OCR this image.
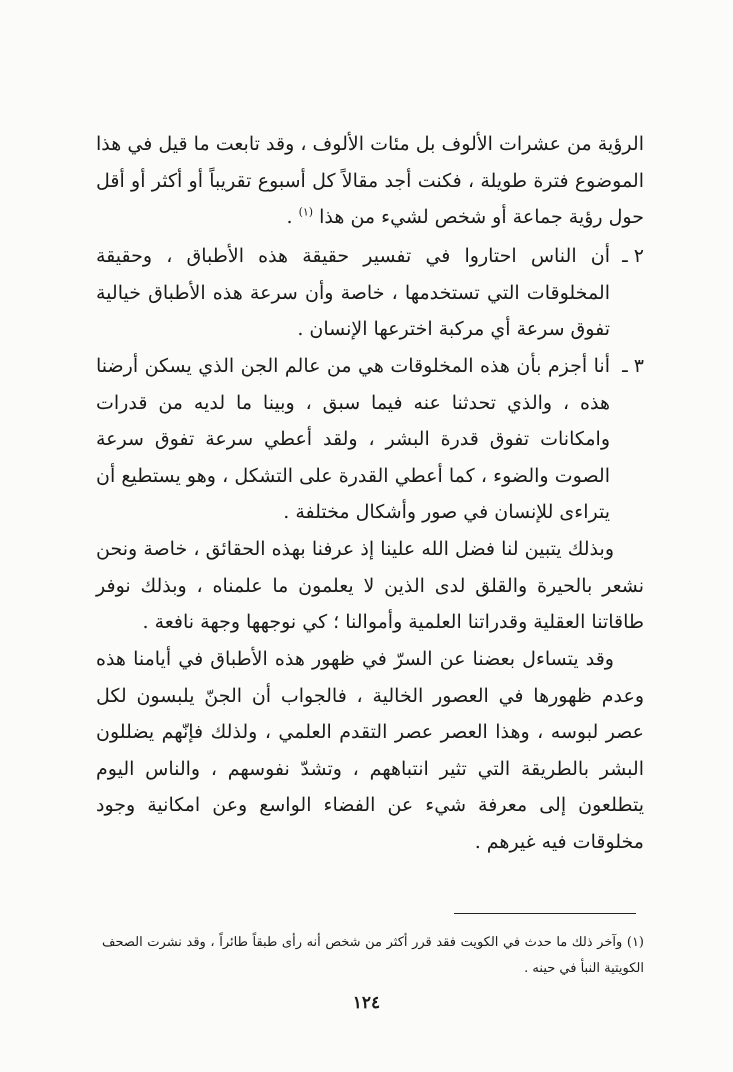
الرؤية من عشرات الألوف بل مئات الألوف ، وقد تابعت ما قيل في هذا الموضوع فترة طويلة ، فكنت أجد مقالاً كل أسبوع تقريباً أو أكثر أو أقل حول رؤية جماعة أو شخص لشيء من هذا $^{(١)}$ .
٢ ـ
أن الناس احتاروا في تفسير حقيقة هذه الأطباق ، وحقيقة المخلوقات التي تستخدمها ، خاصة وأن سرعة هذه الأطباق خيالية تفوق سرعة أي مركبة اخترعها الإنسان .
٣ ـ
أنا أجزم بأن هذه المخلوقات هي من عالم الجن الذي يسكن أرضنا هذه ، والذي تحدثنا عنه فيما سبق ، وبينا ما لديه من قدرات وامكانات تفوق قدرة البشر ، ولقد أعطي سرعة تفوق سرعة الصوت والضوء ، كما أعطي القدرة على التشكل ، وهو يستطيع أن يتراءى للإنسان في صور وأشكال مختلفة .
وبذلك يتبين لنا فضل الله علينا إذ عرفنا بهذه الحقائق ، خاصة ونحن نشعر بالحيرة والقلق لدى الذين لا يعلمون ما علمناه ، وبذلك نوفر طاقاتنا العقلية وقدراتنا العلمية وأموالنا ؛ كي نوجهها وجهة نافعة .
وقد يتساءل بعضنا عن السرّ في ظهور هذه الأطباق في أيامنا هذه وعدم ظهورها في العصور الخالية ، فالجواب أن الجنّ يلبسون لكل عصر لبوسه ، وهذا العصر عصر التقدم العلمي ، ولذلك فإنّهم يضللون البشر بالطريقة التي تثير انتباههم ، وتشدّ نفوسهم ، والناس اليوم يتطلعون إلى معرفة شيء عن الفضاء الواسع وعن امكانية وجود مخلوقات فيه غيرهم .
(١) وآخر ذلك ما حدث في الكويت فقد قرر أكثر من شخص أنه رأى طبقاً طائراً ، وقد نشرت الصحف الكويتية النبأ في حينه .
١٢٤
